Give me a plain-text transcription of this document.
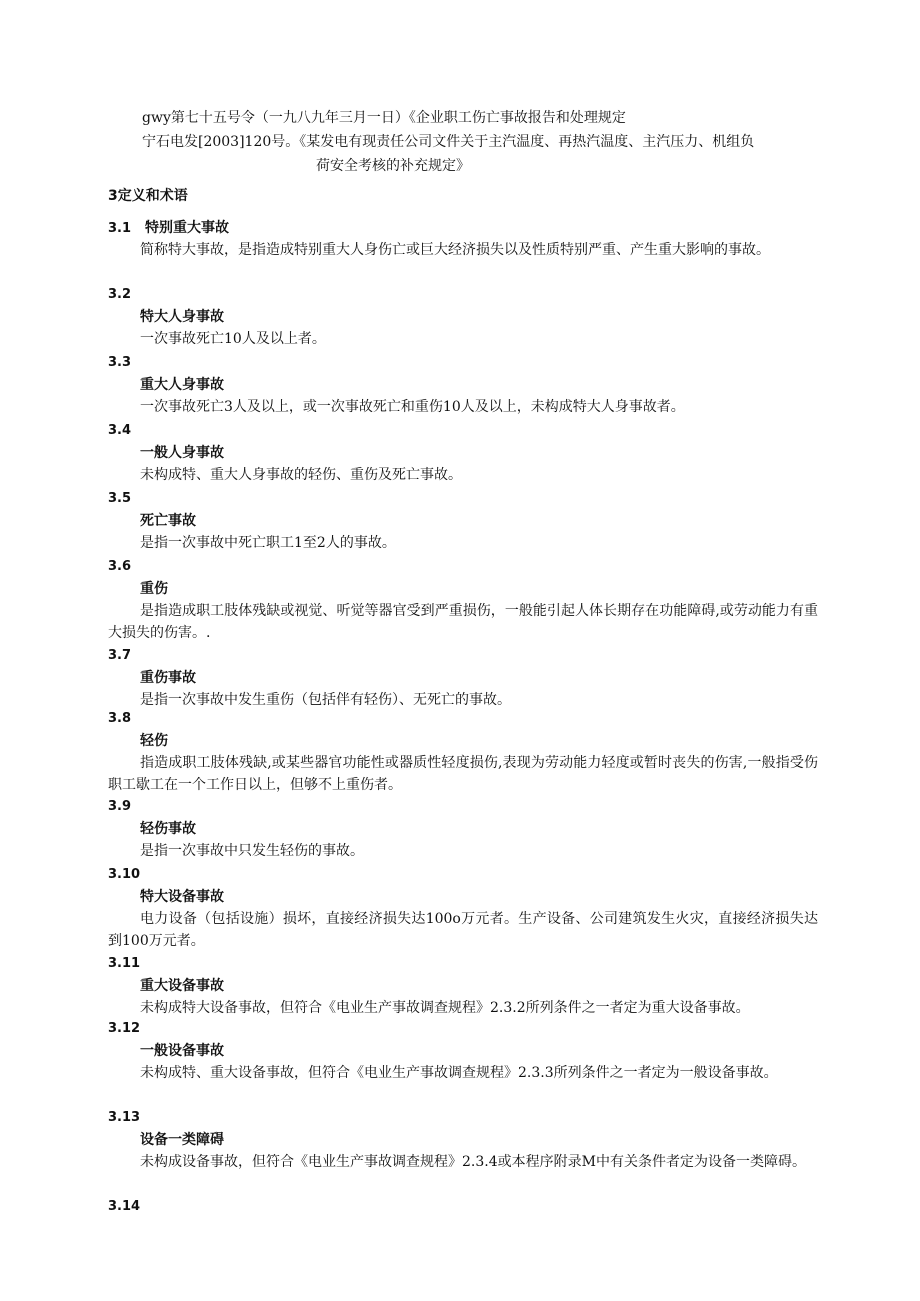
gwy第七十五号令（一九八九年三月一日）《企业职工伤亡事故报告和处理规定
宁石电发[2003]120号。《某发电有现责任公司文件关于主汽温度、再热汽温度、主汽压力、机组负
荷安全考核的补充规定》
3定义和术语
3.1 特别重大事故
简称特大事故，是指造成特别重大人身伤亡或巨大经济损失以及性质特别严重、产生重大影响的事故。
3.2
特大人身事故
一次事故死亡10人及以上者。
3.3
重大人身事故
一次事故死亡3人及以上，或一次事故死亡和重伤10人及以上，未构成特大人身事故者。
3.4
一般人身事故
未构成特、重大人身事故的轻伤、重伤及死亡事故。
3.5
死亡事故
是指一次事故中死亡职工1至2人的事故。
3.6
重伤
是指造成职工肢体残缺或视觉、听觉等器官受到严重损伤，一般能引起人体长期存在功能障碍,或劳动能力有重大损失的伤害。.
3.7
重伤事故
是指一次事故中发生重伤（包括伴有轻伤）、无死亡的事故。
3.8
轻伤
指造成职工肢体残缺,或某些器官功能性或器质性轻度损伤,表现为劳动能力轻度或暂时丧失的伤害,一般指受伤职工歇工在一个工作日以上，但够不上重伤者。
3.9
轻伤事故
是指一次事故中只发生轻伤的事故。
3.10
特大设备事故
电力设备（包括设施）损坏，直接经济损失达100o万元者。生产设备、公司建筑发生火灾，直接经济损失达到100万元者。
3.11
重大设备事故
未构成特大设备事故，但符合《电业生产事故调查规程》2.3.2所列条件之一者定为重大设备事故。
3.12
一般设备事故
未构成特、重大设备事故，但符合《电业生产事故调查规程》2.3.3所列条件之一者定为一般设备事故。
3.13
设备一类障碍
未构成设备事故，但符合《电业生产事故调查规程》2.3.4或本程序附录M中有关条件者定为设备一类障碍。
3.14
